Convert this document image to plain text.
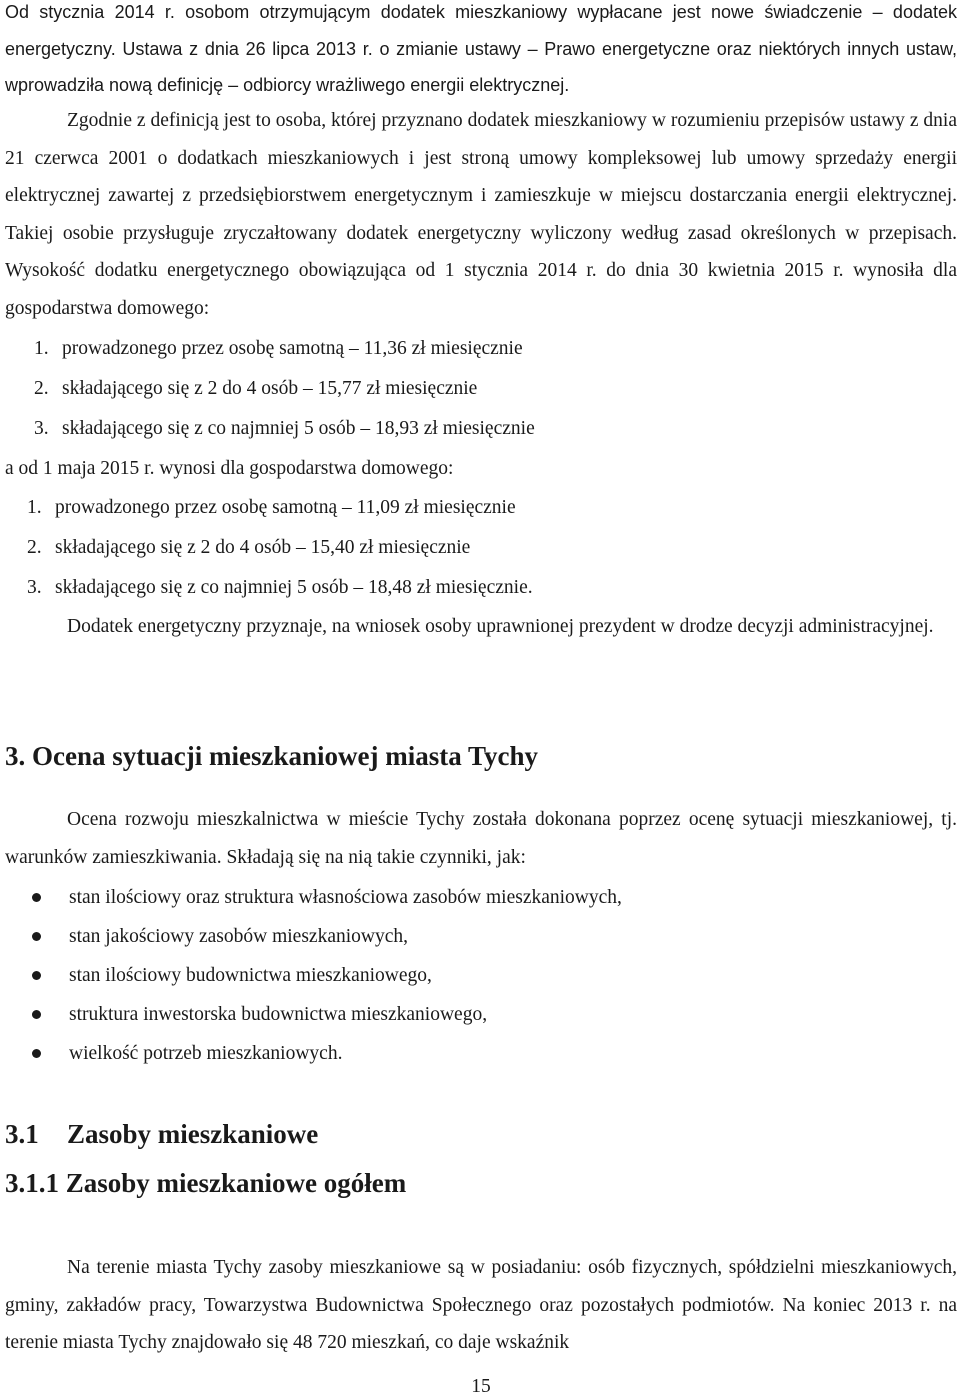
Od stycznia 2014 r. osobom otrzymującym dodatek mieszkaniowy wypłacane jest nowe świadczenie – dodatek energetyczny. Ustawa z dnia 26 lipca 2013 r. o zmianie ustawy – Prawo energetyczne oraz niektórych innych ustaw, wprowadziła nową definicję – odbiorcy wrażliwego energii elektrycznej.

Zgodnie z definicją jest to osoba, której przyznano dodatek mieszkaniowy w rozumieniu przepisów ustawy z dnia 21 czerwca 2001 o dodatkach mieszkaniowych i jest stroną umowy kompleksowej lub umowy sprzedaży energii elektrycznej zawartej z przedsiębiorstwem energetycznym i zamieszkuje w miejscu dostarczania energii elektrycznej. Takiej osobie przysługuje zryczałtowany dodatek energetyczny wyliczony według zasad określonych w przepisach. Wysokość dodatku energetycznego obowiązująca od 1 stycznia 2014 r. do dnia 30 kwietnia 2015 r. wynosiła dla gospodarstwa domowego:

1. prowadzonego przez osobę samotną – 11,36 zł miesięcznie
2. składającego się z 2 do 4 osób – 15,77 zł miesięcznie
3. składającego się z co najmniej 5 osób – 18,93 zł miesięcznie
a od 1 maja 2015 r. wynosi dla gospodarstwa domowego:
1. prowadzonego przez osobę samotną – 11,09 zł miesięcznie
2. składającego się z 2 do 4 osób – 15,40 zł miesięcznie
3. składającego się z co najmniej 5 osób – 18,48 zł miesięcznie.

Dodatek energetyczny przyznaje, na wniosek osoby uprawnionej prezydent w drodze decyzji administracyjnej.

3. Ocena sytuacji mieszkaniowej miasta Tychy

Ocena rozwoju mieszkalnictwa w mieście Tychy została dokonana poprzez ocenę sytuacji mieszkaniowej, tj. warunków zamieszkiwania. Składają się na nią takie czynniki, jak:

stan ilościowy oraz struktura własnościowa zasobów mieszkaniowych,
stan jakościowy zasobów mieszkaniowych,
stan ilościowy budownictwa mieszkaniowego,
struktura inwestorska budownictwa mieszkaniowego,
wielkość potrzeb mieszkaniowych.
3.1 Zasoby mieszkaniowe
3.1.1 Zasoby mieszkaniowe ogółem

Na terenie miasta Tychy zasoby mieszkaniowe są w posiadaniu: osób fizycznych, spółdzielni mieszkaniowych, gminy, zakładów pracy, Towarzystwa Budownictwa Społecznego oraz pozostałych podmiotów. Na koniec 2013 r. na terenie miasta Tychy znajdowało się 48 720 mieszkań, co daje wskaźnik

15
